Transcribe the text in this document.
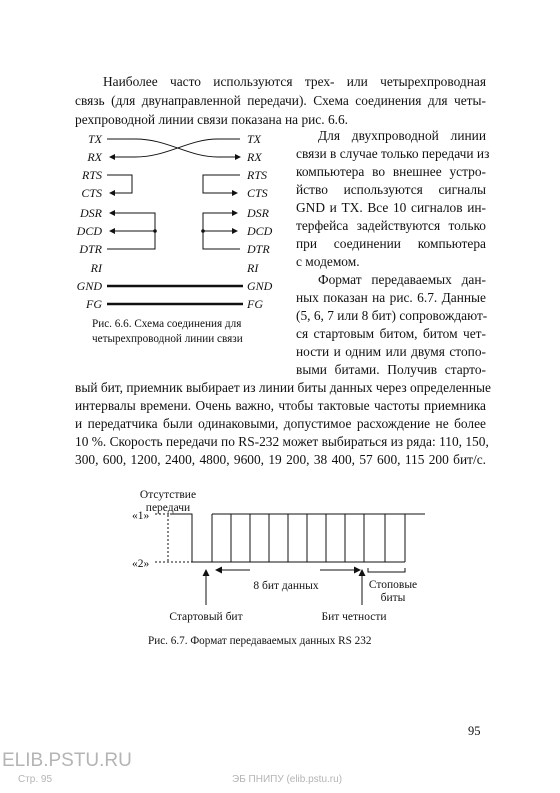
Наиболее часто используются трех- или четырехпроводная
связь (для двунаправленной передачи). Схема соединения для четы-
рехпроводной линии связи показана на рис. 6.6.
TX
RX
RTS
CTS
DSR
DCD
DTR
RI
GND
FG
TX
RX
RTS
CTS
DSR
DCD
DTR
RI
GND
FG
Рис. 6.6. Схема соединения для
четырехпроводной линии связи
Для двухпроводной линии
связи в случае только передачи из
компьютера во внешнее устро-
йство используются сигналы
GND и TX. Все 10 сигналов ин-
терфейса задействуются только
при соединении компьютера
с модемом.
Формат передаваемых дан-
ных показан на рис. 6.7. Данные
(5, 6, 7 или 8 бит) сопровождают-
ся стартовым битом, битом чет-
ности и одним или двумя стопо-
выми битами. Получив старто-
вый бит, приемник выбирает из линии биты данных через определенные
интервалы времени. Очень важно, чтобы тактовые частоты приемника
и передатчика были одинаковыми, допустимое расхождение не более
10 %. Скорость передачи по RS-232 может выбираться из ряда: 110, 150,
300, 600, 1200, 2400, 4800, 9600, 19 200, 38 400, 57 600, 115 200 бит/с.
Отсутствие
передачи
«1»
«2»
8 бит данных	Стоповые
биты
Стартовый бит	Бит четности
Рис. 6.7. Формат передаваемых данных RS 232
95
ELIB.PSTU.RU
Стр. 95	ЭБ ПНИПУ (elib.pstu.ru)
